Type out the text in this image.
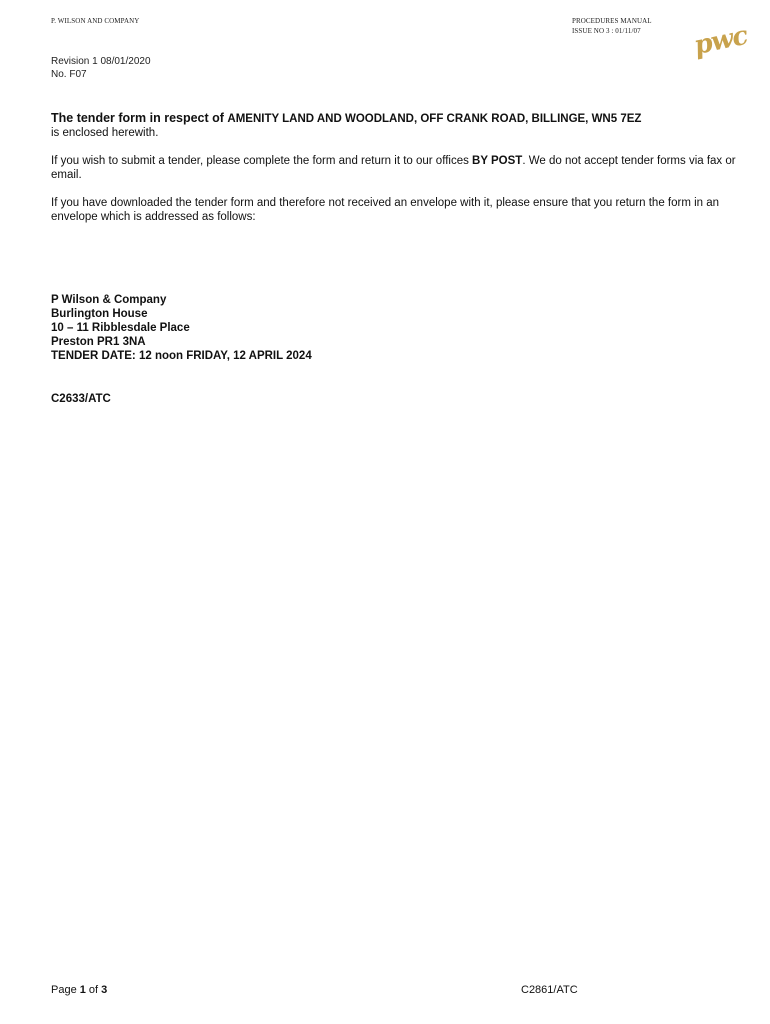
P. WILSON AND COMPANY	PROCEDURES MANUAL
ISSUE NO 3 : 01/11/07 pwc
Revision 1 08/01/2020
No. F07
The tender form in respect of AMENITY LAND AND WOODLAND, OFF CRANK ROAD, BILLINGE, WN5 7EZ
is enclosed herewith.
If you wish to submit a tender, please complete the form and return it to our offices BY POST. We do not accept tender forms via fax or email.
If you have downloaded the tender form and therefore not received an envelope with it, please ensure that you return the form in an envelope which is addressed as follows:
P Wilson & Company
Burlington House
10 – 11 Ribblesdale Place
Preston PR1 3NA
TENDER DATE: 12 noon FRIDAY, 12 APRIL 2024
C2633/ATC
Page 1 of 3	C2861/ATC
